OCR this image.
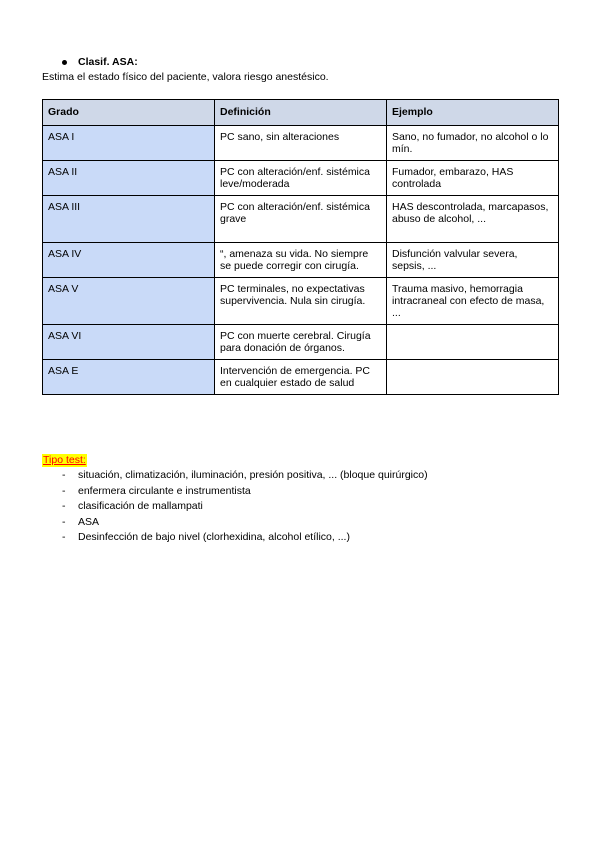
Clasif. ASA:
Estima el estado físico del paciente, valora riesgo anestésico.
Grado	Definición	Ejemplo
ASA I	PC sano, sin alteraciones	Sano, no fumador, no alcohol o lo mín.
ASA II	PC con alteración/enf. sistémica leve/moderada	Fumador, embarazo, HAS controlada
ASA III	PC con alteración/enf. sistémica grave	HAS descontrolada, marcapasos, abuso de alcohol, ...
ASA IV	“, amenaza su vida. No siempre se puede corregir con cirugía.	Disfunción valvular severa, sepsis, ...
ASA V	PC terminales, no expectativas supervivencia. Nula sin cirugía.	Trauma masivo, hemorragia intracraneal con efecto de masa, ...
ASA VI	PC con muerte cerebral. Cirugía para donación de órganos.	
ASA E	Intervención de emergencia. PC en cualquier estado de salud	
Tipo test:
- situación, climatización, iluminación, presión positiva, ... (bloque quirúrgico)
- enfermera circulante e instrumentista
- clasificación de mallampati
- ASA
- Desinfección de bajo nivel (clorhexidina, alcohol etílico, ...)
